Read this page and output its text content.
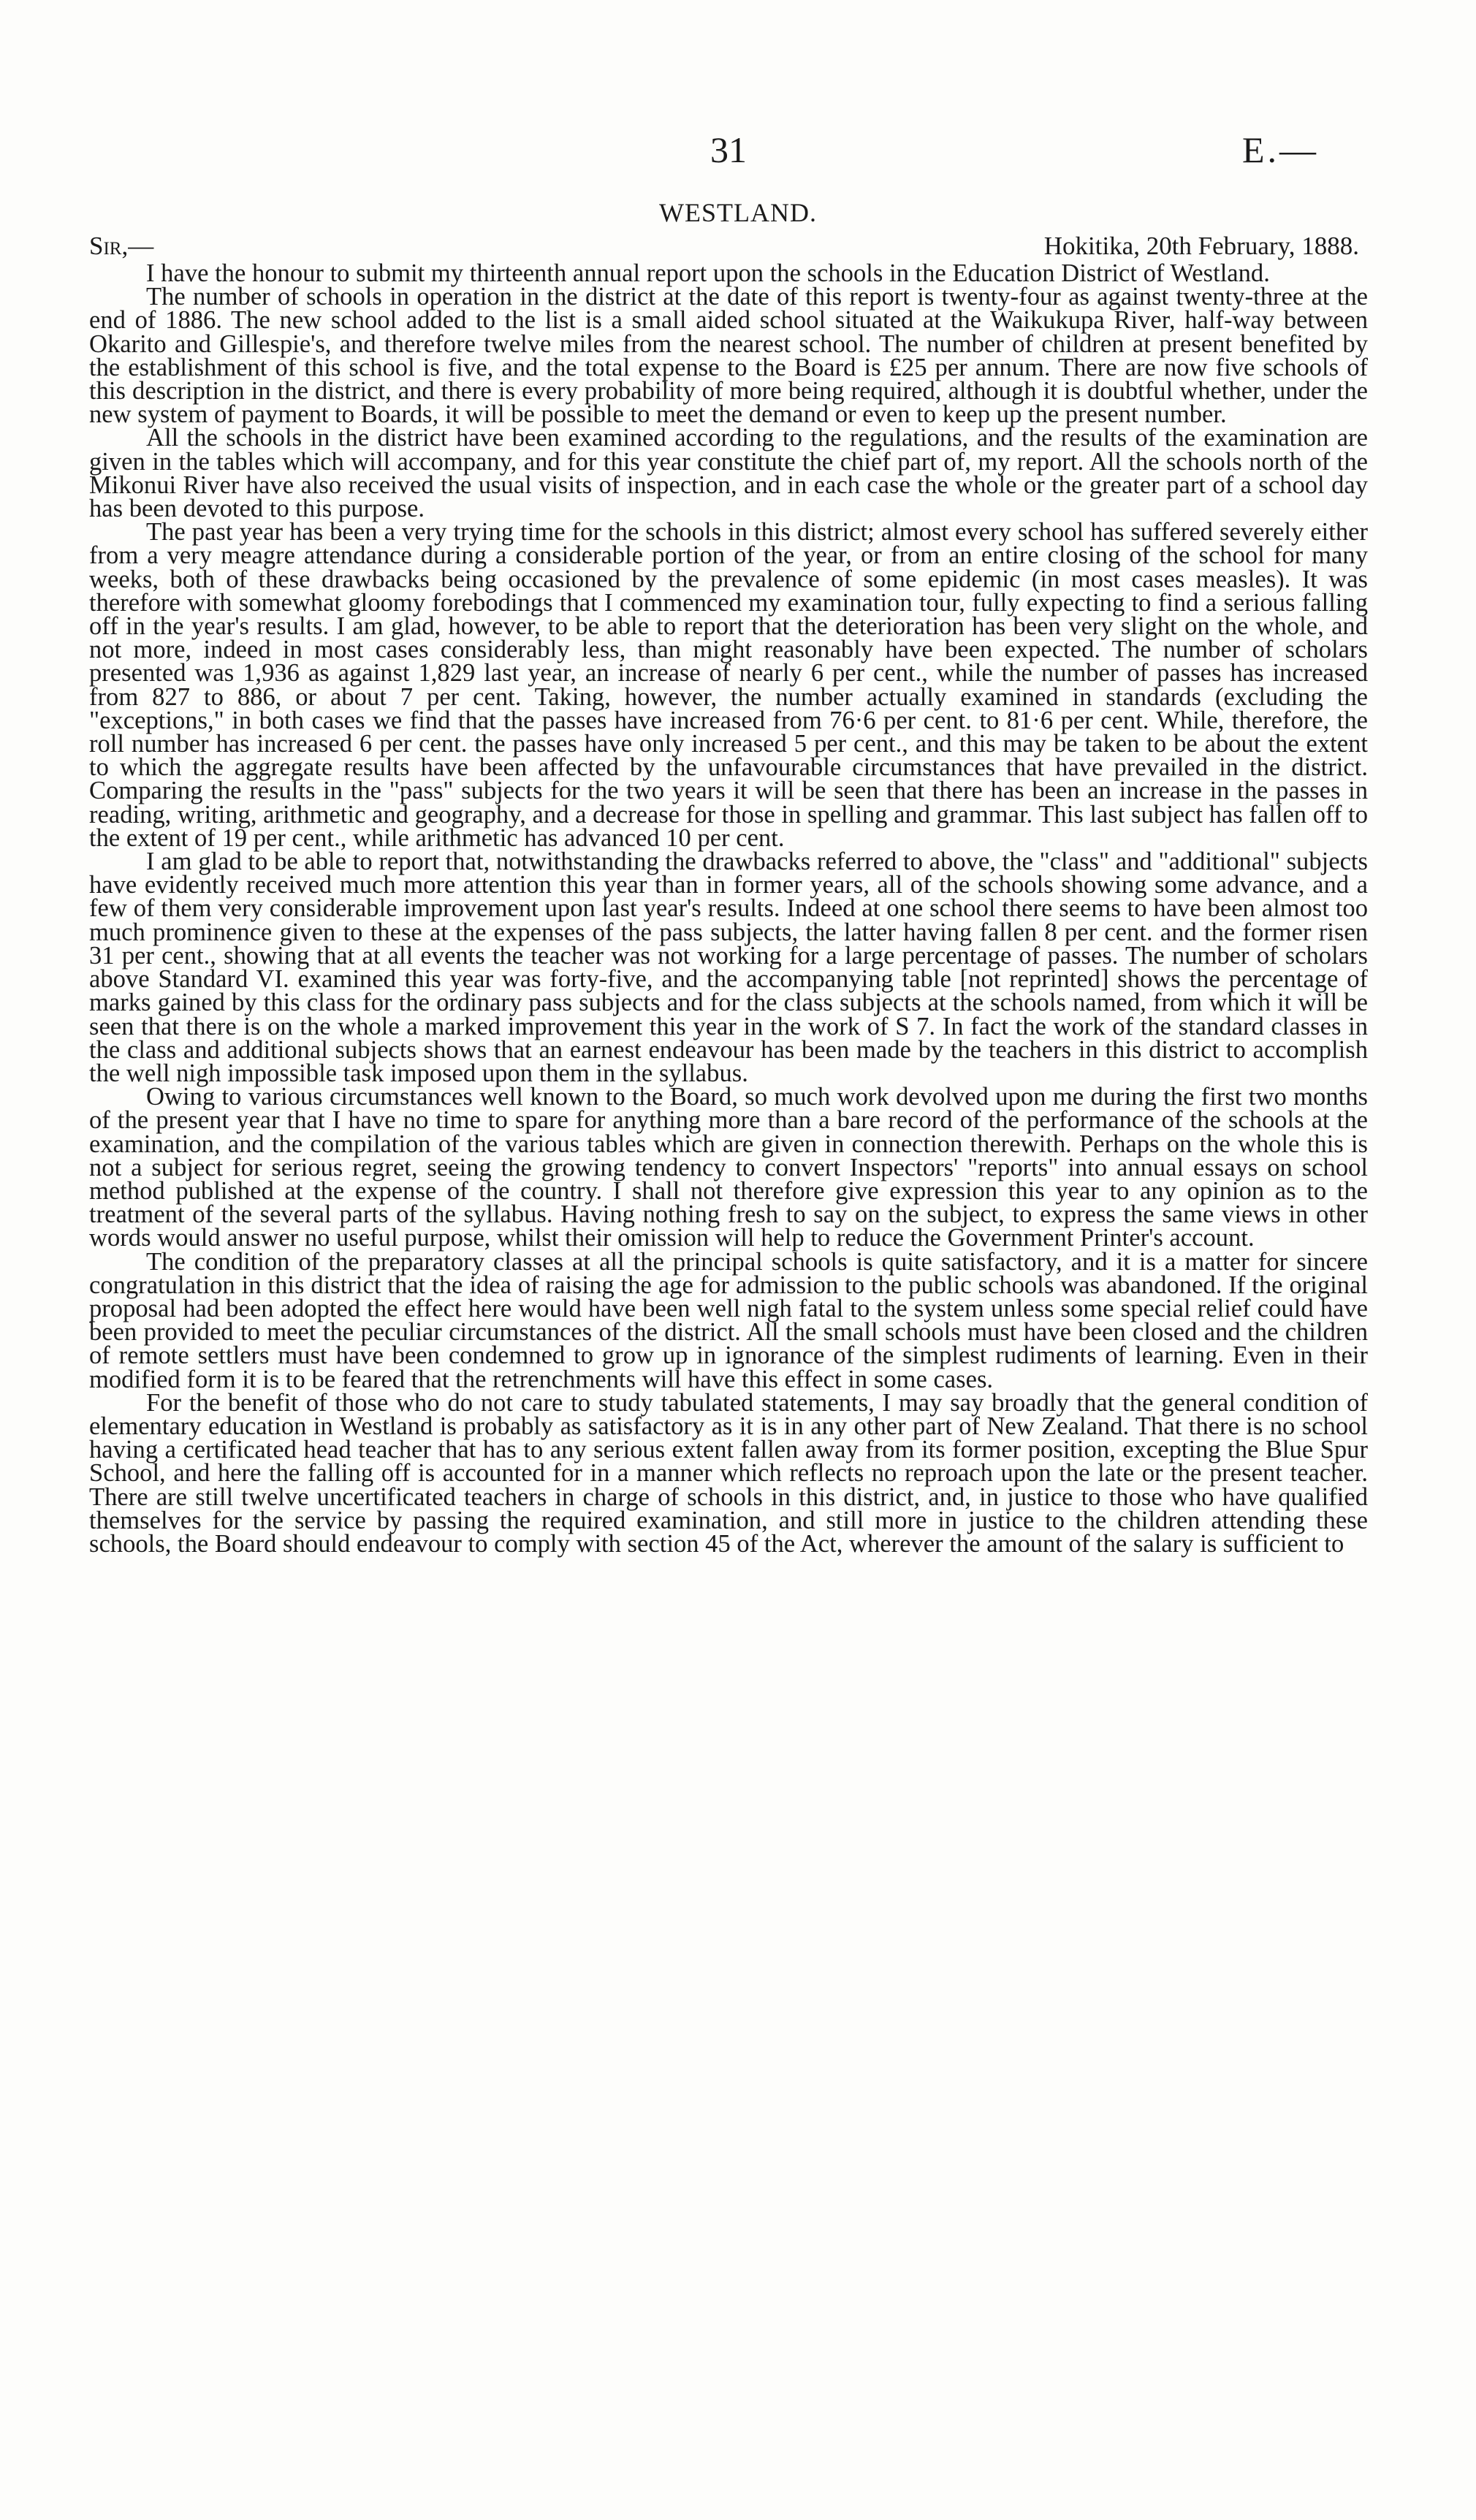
31	E.—
WESTLAND.
Sir,—	Hokitika, 20th February, 1888.

I have the honour to submit my thirteenth annual report upon the schools in the Education District of Westland.

The number of schools in operation in the district at the date of this report is twenty-four as against twenty-three at the end of 1886. The new school added to the list is a small aided school situated at the Waikukupa River, half-way between Okarito and Gillespie's, and therefore twelve miles from the nearest school. The number of children at present benefited by the establishment of this school is five, and the total expense to the Board is £25 per annum. There are now five schools of this description in the district, and there is every probability of more being required, although it is doubtful whether, under the new system of payment to Boards, it will be possible to meet the demand or even to keep up the present number.

All the schools in the district have been examined according to the regulations, and the results of the examination are given in the tables which will accompany, and for this year constitute the chief part of, my report. All the schools north of the Mikonui River have also received the usual visits of inspection, and in each case the whole or the greater part of a school day has been devoted to this purpose.

The past year has been a very trying time for the schools in this district; almost every school has suffered severely either from a very meagre attendance during a considerable portion of the year, or from an entire closing of the school for many weeks, both of these drawbacks being occasioned by the prevalence of some epidemic (in most cases measles). It was therefore with somewhat gloomy forebodings that I commenced my examination tour, fully expecting to find a serious falling off in the year's results. I am glad, however, to be able to report that the deterioration has been very slight on the whole, and not more, indeed in most cases considerably less, than might reasonably have been expected. The number of scholars presented was 1,936 as against 1,829 last year, an increase of nearly 6 per cent., while the number of passes has increased from 827 to 886, or about 7 per cent. Taking, however, the number actually examined in standards (excluding the "exceptions," in both cases we find that the passes have increased from 76·6 per cent. to 81·6 per cent. While, therefore, the roll number has increased 6 per cent. the passes have only increased 5 per cent., and this may be taken to be about the extent to which the aggregate results have been affected by the unfavourable circumstances that have prevailed in the district. Comparing the results in the "pass" subjects for the two years it will be seen that there has been an increase in the passes in reading, writing, arithmetic and geography, and a decrease for those in spelling and grammar. This last subject has fallen off to the extent of 19 per cent., while arithmetic has advanced 10 per cent.

I am glad to be able to report that, notwithstanding the drawbacks referred to above, the "class" and "additional" subjects have evidently received much more attention this year than in former years, all of the schools showing some advance, and a few of them very considerable improvement upon last year's results. Indeed at one school there seems to have been almost too much prominence given to these at the expenses of the pass subjects, the latter having fallen 8 per cent. and the former risen 31 per cent., showing that at all events the teacher was not working for a large percentage of passes. The number of scholars above Standard VI. examined this year was forty-five, and the accompanying table [not reprinted] shows the percentage of marks gained by this class for the ordinary pass subjects and for the class subjects at the schools named, from which it will be seen that there is on the whole a marked improvement this year in the work of S 7. In fact the work of the standard classes in the class and additional subjects shows that an earnest endeavour has been made by the teachers in this district to accomplish the well nigh impossible task imposed upon them in the syllabus.

Owing to various circumstances well known to the Board, so much work devolved upon me during the first two months of the present year that I have no time to spare for anything more than a bare record of the performance of the schools at the examination, and the compilation of the various tables which are given in connection therewith. Perhaps on the whole this is not a subject for serious regret, seeing the growing tendency to convert Inspectors' "reports" into annual essays on school method published at the expense of the country. I shall not therefore give expression this year to any opinion as to the treatment of the several parts of the syllabus. Having nothing fresh to say on the subject, to express the same views in other words would answer no useful purpose, whilst their omission will help to reduce the Government Printer's account.

The condition of the preparatory classes at all the principal schools is quite satisfactory, and it is a matter for sincere congratulation in this district that the idea of raising the age for admission to the public schools was abandoned. If the original proposal had been adopted the effect here would have been well nigh fatal to the system unless some special relief could have been provided to meet the peculiar circumstances of the district. All the small schools must have been closed and the children of remote settlers must have been condemned to grow up in ignorance of the simplest rudiments of learning. Even in their modified form it is to be feared that the retrenchments will have this effect in some cases.

For the benefit of those who do not care to study tabulated statements, I may say broadly that the general condition of elementary education in Westland is probably as satisfactory as it is in any other part of New Zealand. That there is no school having a certificated head teacher that has to any serious extent fallen away from its former position, excepting the Blue Spur School, and here the falling off is accounted for in a manner which reflects no reproach upon the late or the present teacher. There are still twelve uncertificated teachers in charge of schools in this district, and, in justice to those who have qualified themselves for the service by passing the required examination, and still more in justice to the children attending these schools, the Board should endeavour to comply with section 45 of the Act, wherever the amount of the salary is sufficient to
